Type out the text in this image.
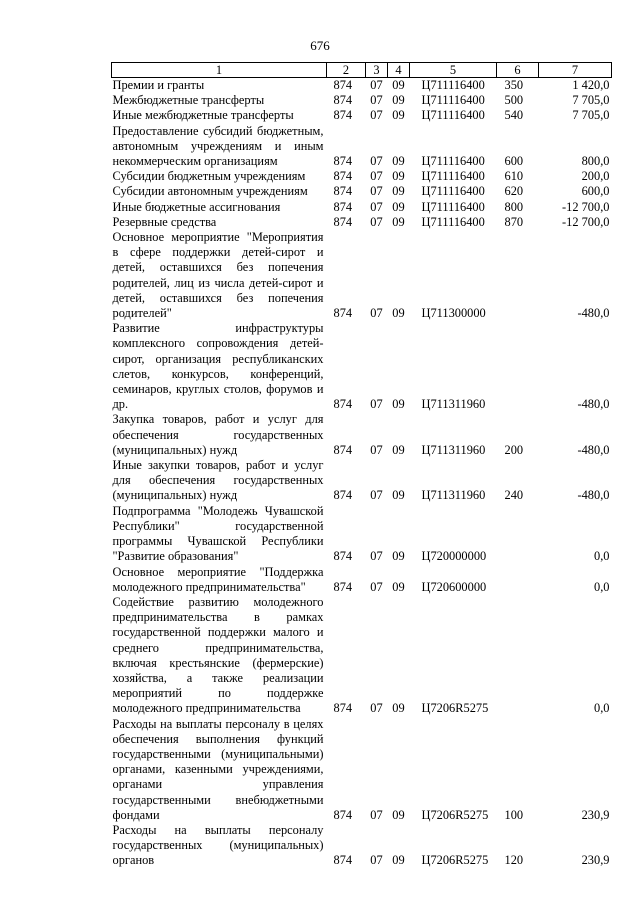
676
1	2	3	4	5	6	7
Премии и гранты	874	07	09	Ц711116400	350	1 420,0
Межбюджетные трансферты	874	07	09	Ц711116400	500	7 705,0
Иные межбюджетные трансферты	874	07	09	Ц711116400	540	7 705,0
Предоставление субсидий бюджетным, автономным учреждениям и иным некоммерческим организациям	874	07	09	Ц711116400	600	800,0
Субсидии бюджетным учреждениям	874	07	09	Ц711116400	610	200,0
Субсидии автономным учреждениям	874	07	09	Ц711116400	620	600,0
Иные бюджетные ассигнования	874	07	09	Ц711116400	800	-12 700,0
Резервные средства	874	07	09	Ц711116400	870	-12 700,0
Основное мероприятие "Мероприятия в сфере поддержки детей-сирот и детей, оставшихся без попечения родителей, лиц из числа детей-сирот и детей, оставшихся без попечения родителей"	874	07	09	Ц711300000		-480,0
Развитие инфраструктуры комплексного сопровождения детей-сирот, организация республиканских слетов, конкурсов, конференций, семинаров, круглых столов, форумов и др.	874	07	09	Ц711311960		-480,0
Закупка товаров, работ и услуг для обеспечения государственных (муниципальных) нужд	874	07	09	Ц711311960	200	-480,0
Иные закупки товаров, работ и услуг для обеспечения государственных (муниципальных) нужд	874	07	09	Ц711311960	240	-480,0
Подпрограмма "Молодежь Чувашской Республики" государственной программы Чувашской Республики "Развитие образования"	874	07	09	Ц720000000		0,0
Основное мероприятие "Поддержка молодежного предпринимательства"	874	07	09	Ц720600000		0,0
Содействие развитию молодежного предпринимательства в рамках государственной поддержки малого и среднего предпринимательства, включая крестьянские (фермерские) хозяйства, а также реализации мероприятий по поддержке молодежного предпринимательства	874	07	09	Ц7206R5275		0,0
Расходы на выплаты персоналу в целях обеспечения выполнения функций государственными (муниципальными) органами, казенными учреждениями, органами управления государственными внебюджетными фондами	874	07	09	Ц7206R5275	100	230,9
Расходы на выплаты персоналу государственных (муниципальных) органов	874	07	09	Ц7206R5275	120	230,9
